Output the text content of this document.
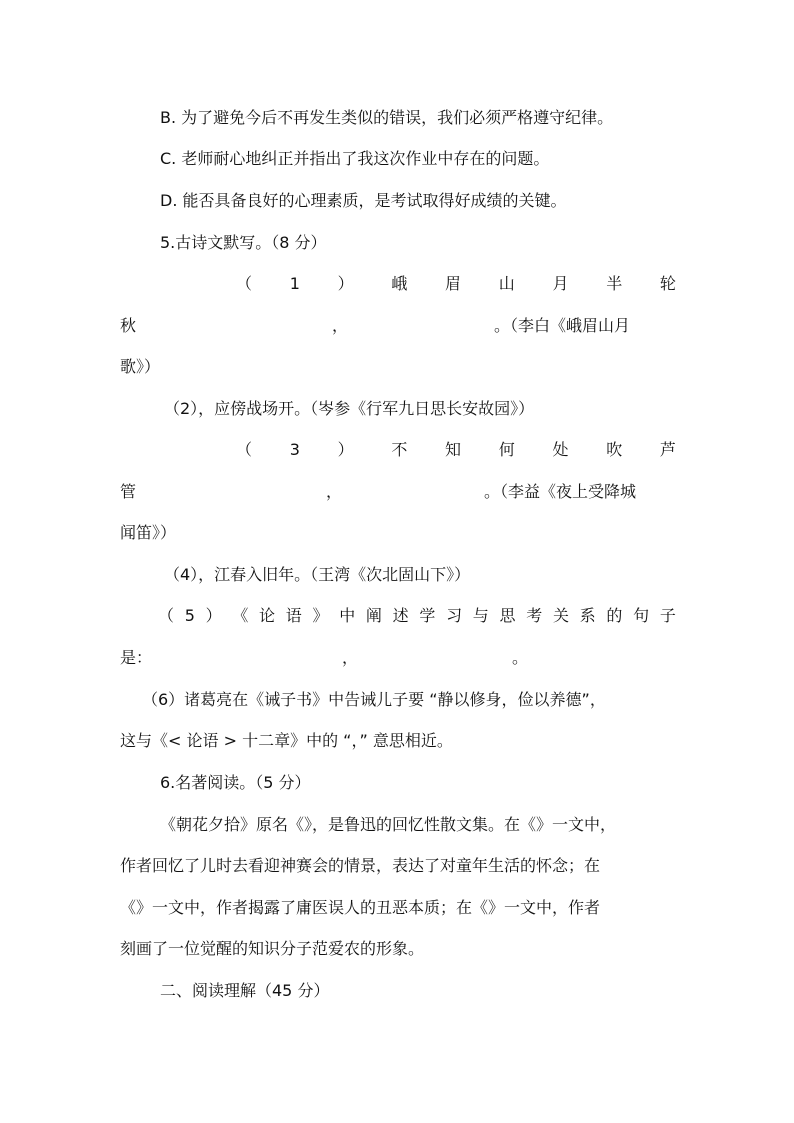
B. 为了避免今后不再发生类似的错误，我们必须严格遵守纪律。
C. 老师耐心地纠正并指出了我这次作业中存在的问题。
D. 能否具备良好的心理素质，是考试取得好成绩的关键。
5.古诗文默写。（8 分）
（ 1 ） 峨 眉 山 月 半 轮
秋	，	。（李白《峨眉山月
歌》）
（2），应傍战场开。（岑参《行军九日思长安故园》）
（ 3 ） 不 知 何 处 吹 芦
管	，	。（李益《夜上受降城
闻笛》）
（4），江春入旧年。（王湾《次北固山下》）
（ 5 ） 《 论 语 》 中 阐 述 学 习 与 思 考 关 系 的 句 子
是：	，	。
（6）诸葛亮在《诫子书》中告诫儿子要 “静以修身，俭以养德”，
这与《< 论语 > 十二章》中的 “，” 意思相近。
6.名著阅读。（5 分）
《朝花夕拾》原名《》，是鲁迅的回忆性散文集。在《》一文中，
作者回忆了儿时去看迎神赛会的情景，表达了对童年生活的怀念；在
《》一文中，作者揭露了庸医误人的丑恶本质；在《》一文中，作者
刻画了一位觉醒的知识分子范爱农的形象。
二、阅读理解（45 分）
